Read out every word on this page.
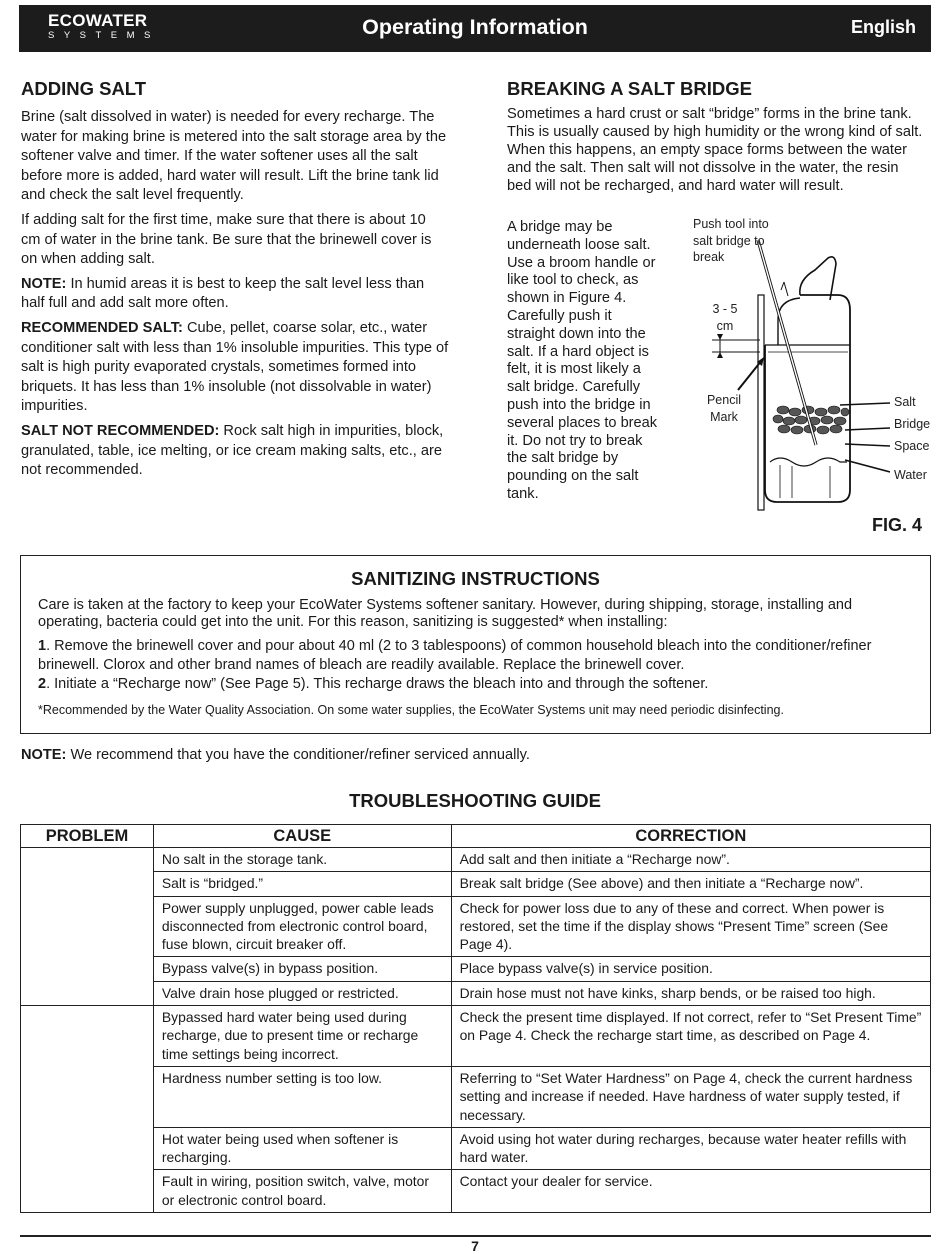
ECOWATER
SYSTEMS	Operating Information	English
ADDING SALT
Brine (salt dissolved in water) is needed for every recharge. The water for making brine is metered into the salt storage area by the softener valve and timer. If the water softener uses all the salt before more is added, hard water will result. Lift the brine tank lid and check the salt level frequently.
If adding salt for the first time, make sure that there is about 10 cm of water in the brine tank. Be sure that the brinewell cover is on when adding salt.
NOTE: In humid areas it is best to keep the salt level less than half full and add salt more often.
RECOMMENDED SALT: Cube, pellet, coarse solar, etc., water conditioner salt with less than 1% insoluble impurities. This type of salt is high purity evaporated crystals, sometimes formed into briquets. It has less than 1% insoluble (not dissolvable in water) impurities.
SALT NOT RECOMMENDED: Rock salt high in impurities, block, granulated, table, ice melting, or ice cream making salts, etc., are not recommended.
BREAKING A SALT BRIDGE
Sometimes a hard crust or salt “bridge” forms in the brine tank. This is usually caused by high humidity or the wrong kind of salt. When this happens, an empty space forms between the water and the salt. Then salt will not dissolve in the water, the resin bed will not be recharged, and hard water will result.
A bridge may be underneath loose salt. Use a broom handle or like tool to check, as shown in Figure 4. Carefully push it straight down into the salt. If a hard object is felt, it is most likely a salt bridge. Carefully push into the bridge in several places to break it. Do not try to break the salt bridge by pounding on the salt tank.
Push tool into salt bridge to break
3 - 5 cm
Pencil Mark
Salt
Bridge
Space
Water
FIG. 4
SANITIZING INSTRUCTIONS
Care is taken at the factory to keep your EcoWater Systems softener sanitary. However, during shipping, storage, installing and operating, bacteria could get into the unit. For this reason, sanitizing is suggested* when installing:
1. Remove the brinewell cover and pour about 40 ml (2 to 3 tablespoons) of common household bleach into the conditioner/refiner brinewell. Clorox and other brand names of bleach are readily available. Replace the brinewell cover.
2. Initiate a “Recharge now” (See Page 5). This recharge draws the bleach into and through the softener.
*Recommended by the Water Quality Association. On some water supplies, the EcoWater Systems unit may need periodic disinfecting.
NOTE: We recommend that you have the conditioner/refiner serviced annually.
TROUBLESHOOTING GUIDE
PROBLEM	CAUSE	CORRECTION
	No salt in the storage tank.	Add salt and then initiate a “Recharge now”.
	Salt is “bridged.”	Break salt bridge (See above) and then initiate a “Recharge now”.
	Power supply unplugged, power cable leads disconnected from electronic control board, fuse blown, circuit breaker off.	Check for power loss due to any of these and correct. When power is restored, set the time if the display shows “Present Time” screen (See Page 4).
	Bypass valve(s) in bypass position.	Place bypass valve(s) in service position.
	Valve drain hose plugged or restricted.	Drain hose must not have kinks, sharp bends, or be raised too high.
	Bypassed hard water being used during recharge, due to present time or recharge time settings being incorrect.	Check the present time displayed. If not correct, refer to “Set Present Time” on Page 4. Check the recharge start time, as described on Page 4.
	Hardness number setting is too low.	Referring to “Set Water Hardness” on Page 4, check the current hardness setting and increase if needed. Have hardness of water supply tested, if necessary.
	Hot water being used when softener is recharging.	Avoid using hot water during recharges, because water heater refills with hard water.
	Fault in wiring, position switch, valve, motor or electronic control board.	Contact your dealer for service.
7
